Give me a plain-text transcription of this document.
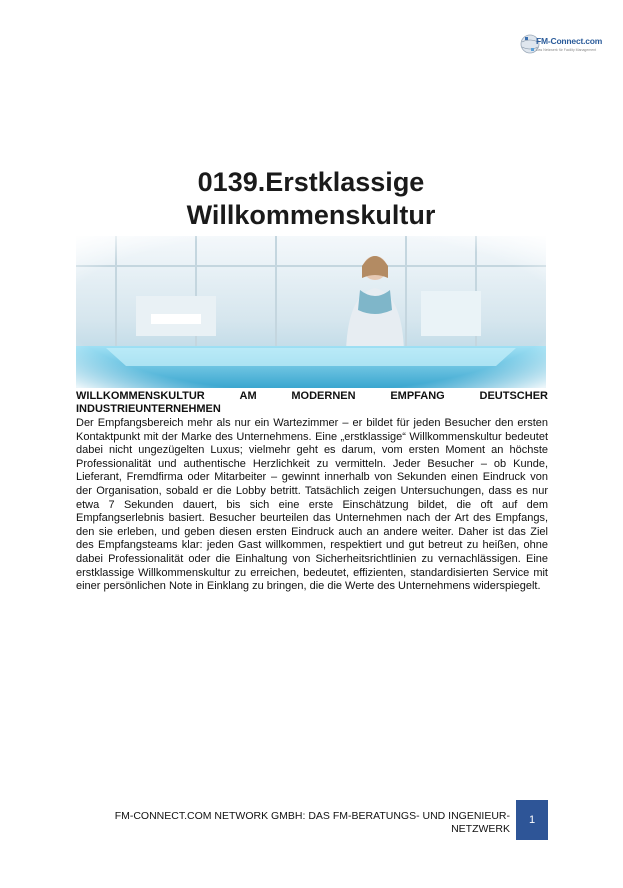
FM-Connect.com
Das Netzwerk für Facility Management
0139.Erstklassige
Willkommenskultur
WILLKOMMENSKULTUR	AM	MODERNEN	EMPFANG	DEUTSCHER
INDUSTRIEUNTERNEHMEN
Der Empfangsbereich mehr als nur ein Wartezimmer – er bildet für jeden Besucher den ersten Kontaktpunkt mit der Marke des Unternehmens. Eine „erstklassige“ Willkommenskultur bedeutet dabei nicht ungezügelten Luxus; vielmehr geht es darum, vom ersten Moment an höchste Professionalität und authentische Herzlichkeit zu vermitteln. Jeder Besucher – ob Kunde, Lieferant, Fremdfirma oder Mitarbeiter – gewinnt innerhalb von Sekunden einen Eindruck von der Organisation, sobald er die Lobby betritt. Tatsächlich zeigen Untersuchungen, dass es nur etwa 7 Sekunden dauert, bis sich eine erste Einschätzung bildet, die oft auf dem Empfangserlebnis basiert. Besucher beurteilen das Unternehmen nach der Art des Empfangs, den sie erleben, und geben diesen ersten Eindruck auch an andere weiter. Daher ist das Ziel des Empfangsteams klar: jeden Gast willkommen, respektiert und gut betreut zu heißen, ohne dabei Professionalität oder die Einhaltung von Sicherheitsrichtlinien zu vernachlässigen. Eine erstklassige Willkommenskultur zu erreichen, bedeutet, effizienten, standardisierten Service mit einer persönlichen Note in Einklang zu bringen, die die Werte des Unternehmens widerspiegelt.
FM-CONNECT.COM NETWORK GMBH: DAS FM-BERATUNGS- UND INGENIEUR-
NETZWERK
1
